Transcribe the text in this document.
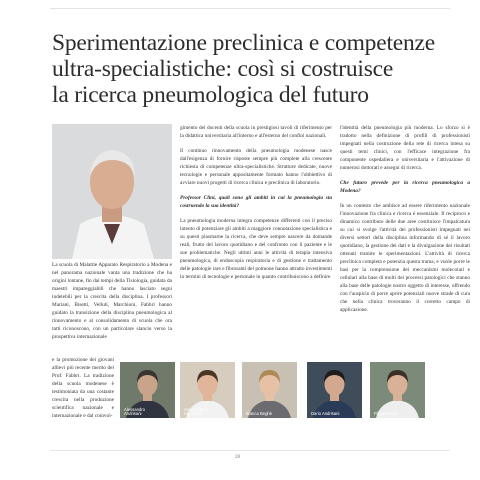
Sperimentazione preclinica e competenze
ultra-specialistiche: così si costruisce
la ricerca pneumologica del futuro

La scuola di Malattie Apparato Respiratorio a Modena e nel panorama nazionale vanta una tradizione che ha origini lontane, fin dai tempi della Tisiologia, guidata da maestri impareggiabili che hanno lasciato segni indelebili per la crescita della disciplina. I professori Mariani, Bisetti, Velluti, Marchioni, Fabbri hanno guidato la transizione della disciplina pneumologica al rinnovamento e al consolidamento di scuola che ora tutti riconoscono, con un particolare slancio verso la prospettiva internazionale

e la promozione dei giovani allievi più recente merito del Prof. Fabbri. La tradizione della scuola modenese è testimoniata da una costante crescita nella produzione scientifica nazionale e internazionale e dal coinvol-

gimento dei docenti della scuola in prestigiosi tavoli di riferimento per la didattica universitaria all'interno e all'esterno del confini nazionali.

Il continuo rinnovamento della pneumologia modenese nasce dall'esigenza di fornire risposte sempre più complete alla crescente richiesta di competenze ultra-specialistiche. Strutture dedicate, nuove tecnologie e personale appositamente formato hanno l'obbiettivo di avviare nuovi progetti di ricerca clinica e preclinica di laboratorio.

Professor Clini, quali sono gli ambiti in cui la pneumologia sta costruendo la sua identità?

La pneumologia moderna integra competenze differenti con il preciso intento di potenziare gli ambiti a maggiore connotazione specialistica e su questi plasmarne la ricerca, che deve sempre nascere da domande reali, frutto del lavoro quotidiano e del confronto con il paziente e le sue problematiche. Negli ultimi anni le attività di terapia intensiva pneumologica, di endoscopia respiratoria e di gestione e trattamento delle patologie rare e fibrosanti del polmone hanno attratto investimenti in termini di tecnologie e personale in quanto contribuiscono a definire

l'identità della pneumologia più moderna. Lo sforzo si è tradotto nella definizione di profili di professionisti impegnati nella costruzione della rete di ricerca intesa su questi temi clinici, con l'efficace integrazione fra componente ospedaliera e universitaria e l'attivazione di numerosi dottorati e assegni di ricerca.

Che futuro prevede per la ricerca pneumologica a Modena?

In un contesto che ambisce ad essere riferimento nazionale l'innovazione fra clinica e ricerca è essenziale. Il reciproco e dinamico contributo delle due aree costituisce l'impalcatura su cui si svolge l'attività dei professionisti impegnati nei diversi settori della disciplina informando di sé il lavoro quotidiano, la gestione dei dati e la divulgazione dei risultati ottenuti tramite le sperimentazioni. L'attività di ricerca preclinica completa e potenzia questa trama, e vuole porre le basi per la comprensione dei meccanismi molecolari e cellulari alla base di molti dei processi patologici che stanno alla base delle patologie nostro oggetto di interesse, offrendo con l'auspicio di porre aprire potenziali nuove strade di cura che nella clinica troveranno il corretto campo di applicazione.

Alessandro
Andrisani
Anna Valeria
Samarelli	Bianca Beghè	Dario Andrisani	Filippo Gozzi
28
